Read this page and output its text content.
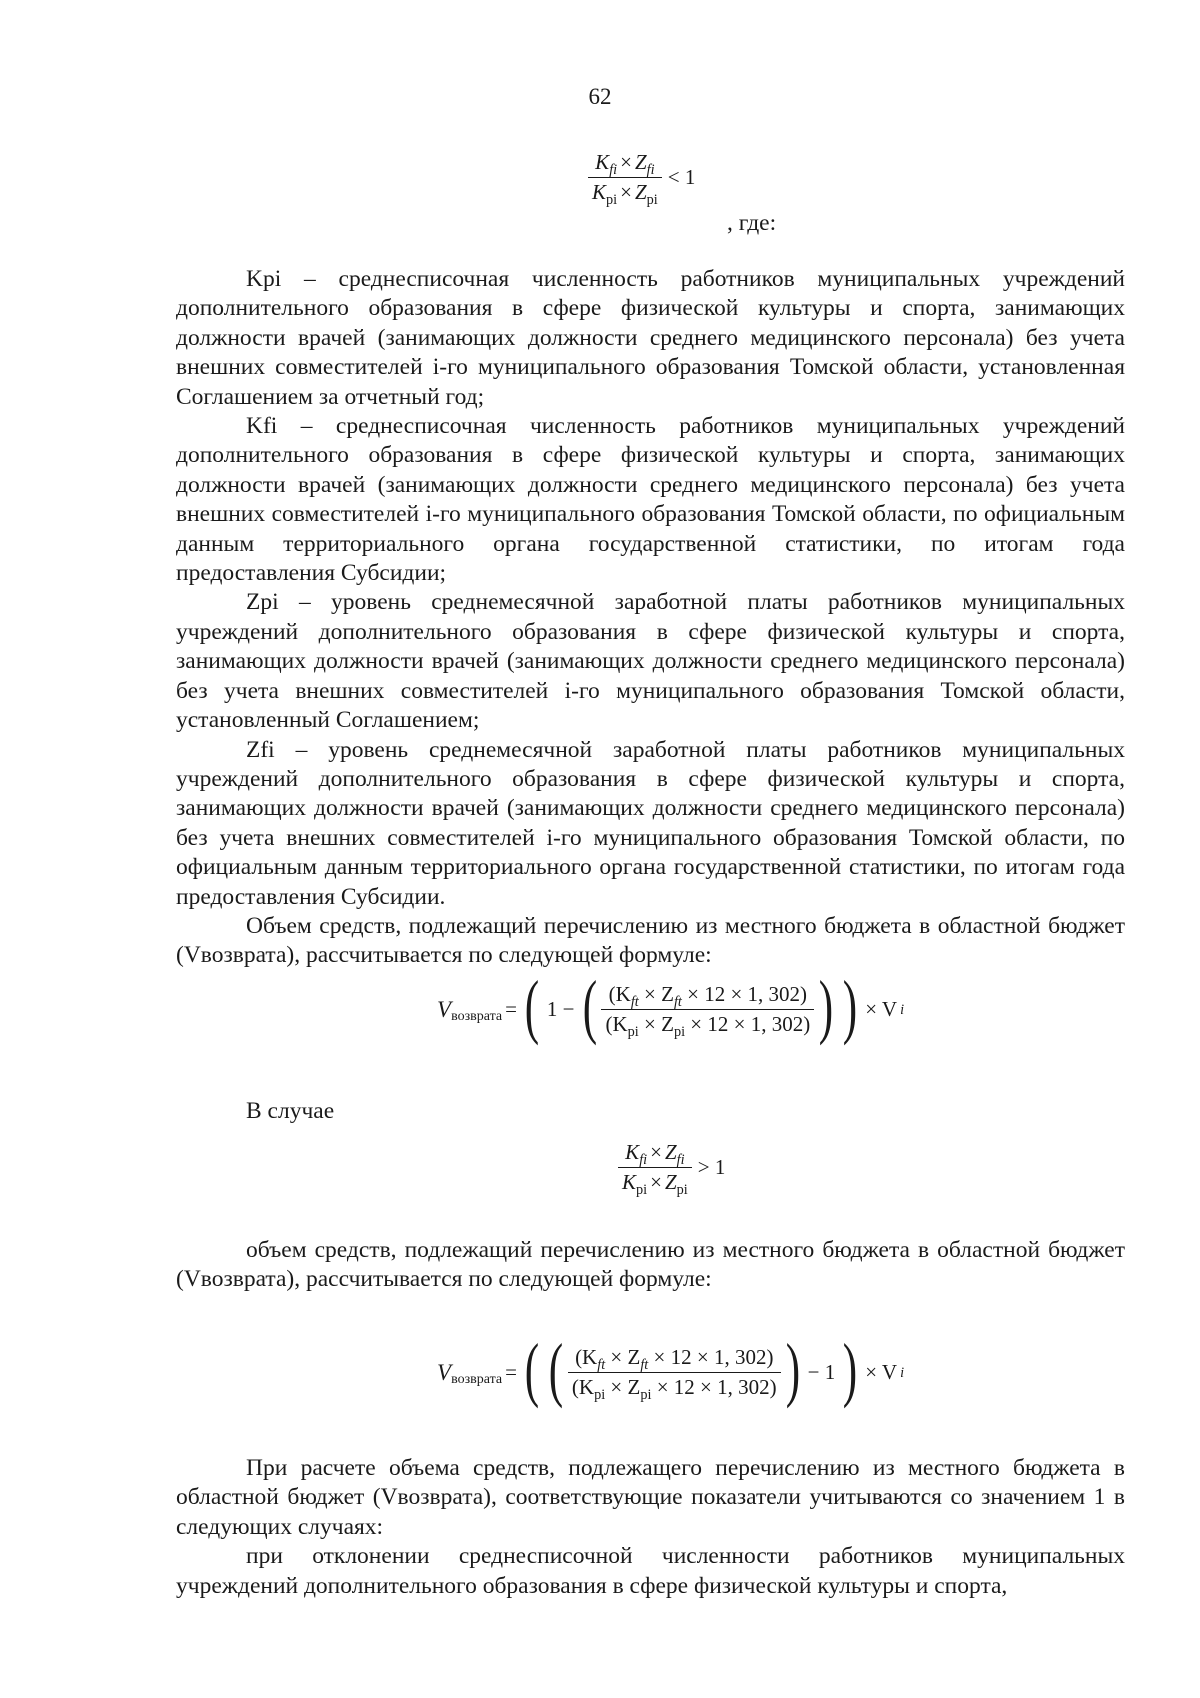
62
$\frac{K_{fi} \times Z_{fi}}{K_{pi} \times Z_{pi}} < 1$
, где:

Kpi – среднесписочная численность работников муниципальных учреждений дополнительного образования в сфере физической культуры и спорта, занимающих должности врачей (занимающих должности среднего медицинского персонала) без учета внешних совместителей i-го муниципального образования Томской области, установленная Соглашением за отчетный год;

Kfi – среднесписочная численность работников муниципальных учреждений дополнительного образования в сфере физической культуры и спорта, занимающих должности врачей (занимающих должности среднего медицинского персонала) без учета внешних совместителей i-го муниципального образования Томской области, по официальным данным территориального органа государственной статистики, по итогам года предоставления Субсидии;

Zpi – уровень среднемесячной заработной платы работников муниципальных учреждений дополнительного образования в сфере физической культуры и спорта, занимающих должности врачей (занимающих должности среднего медицинского персонала) без учета внешних совместителей i-го муниципального образования Томской области, установленный Соглашением;

Zfi – уровень среднемесячной заработной платы работников муниципальных учреждений дополнительного образования в сфере физической культуры и спорта, занимающих должности врачей (занимающих должности среднего медицинского персонала) без учета внешних совместителей i-го муниципального образования Томской области, по официальным данным территориального органа государственной статистики, по итогам года предоставления Субсидии.

Объем средств, подлежащий перечислению из местного бюджета в областной бюджет (Vвозврата), рассчитывается по следующей формуле:

V возврата = ( 1 − ( $\frac{(K_{ft} \times Z_{ft} \times 12 \times 1, 302)}{(K_{pi} \times Z_{pi} \times 12 \times 1, 302)}$ ) ) × V i
В случае
$\frac{K_{fi} \times Z_{fi}}{K_{pi} \times Z_{pi}} > 1$

объем средств, подлежащий перечислению из местного бюджета в областной бюджет (Vвозврата), рассчитывается по следующей формуле:

V возврата = ( ( $\frac{(K_{ft} \times Z_{ft} \times 12 \times 1, 302)}{(K_{pi} \times Z_{pi} \times 12 \times 1, 302)}$ ) − 1 ) × V i

При расчете объема средств, подлежащего перечислению из местного бюджета в областной бюджет (Vвозврата), соответствующие показатели учитываются со значением 1 в следующих случаях:

при отклонении среднесписочной численности работников муниципальных учреждений дополнительного образования в сфере физической культуры и спорта,
